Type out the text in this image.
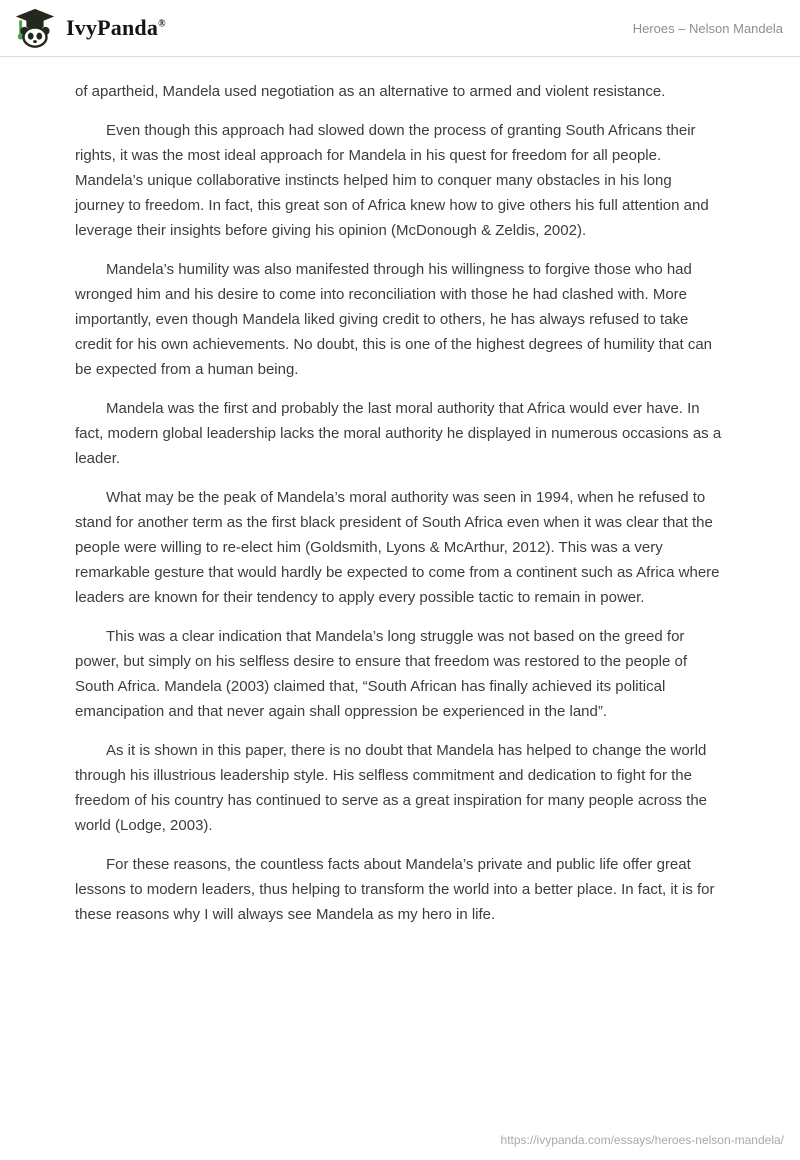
IvyPanda®	Heroes – Nelson Mandela

of apartheid, Mandela used negotiation as an alternative to armed and violent resistance.

Even though this approach had slowed down the process of granting South Africans their rights, it was the most ideal approach for Mandela in his quest for freedom for all people. Mandela’s unique collaborative instincts helped him to conquer many obstacles in his long journey to freedom. In fact, this great son of Africa knew how to give others his full attention and leverage their insights before giving his opinion (McDonough & Zeldis, 2002).

Mandela’s humility was also manifested through his willingness to forgive those who had wronged him and his desire to come into reconciliation with those he had clashed with. More importantly, even though Mandela liked giving credit to others, he has always refused to take credit for his own achievements. No doubt, this is one of the highest degrees of humility that can be expected from a human being.

Mandela was the first and probably the last moral authority that Africa would ever have. In fact, modern global leadership lacks the moral authority he displayed in numerous occasions as a leader.

What may be the peak of Mandela’s moral authority was seen in 1994, when he refused to stand for another term as the first black president of South Africa even when it was clear that the people were willing to re-elect him (Goldsmith, Lyons & McArthur, 2012). This was a very remarkable gesture that would hardly be expected to come from a continent such as Africa where leaders are known for their tendency to apply every possible tactic to remain in power.

This was a clear indication that Mandela’s long struggle was not based on the greed for power, but simply on his selfless desire to ensure that freedom was restored to the people of South Africa. Mandela (2003) claimed that, “South African has finally achieved its political emancipation and that never again shall oppression be experienced in the land”.

As it is shown in this paper, there is no doubt that Mandela has helped to change the world through his illustrious leadership style. His selfless commitment and dedication to fight for the freedom of his country has continued to serve as a great inspiration for many people across the world (Lodge, 2003).

For these reasons, the countless facts about Mandela’s private and public life offer great lessons to modern leaders, thus helping to transform the world into a better place. In fact, it is for these reasons why I will always see Mandela as my hero in life.

https://ivypanda.com/essays/heroes-nelson-mandela/
